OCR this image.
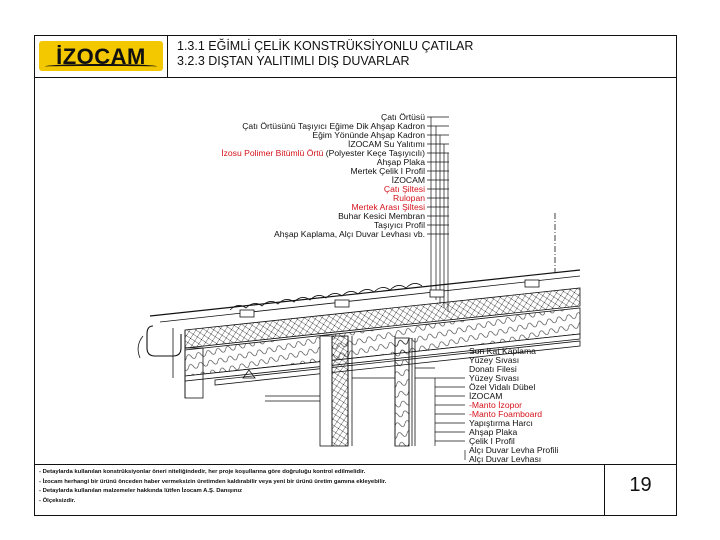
İZOCAM	1.3.1 EĞİMLİ ÇELİK KONSTRÜKSİYONLU ÇATILAR
3.2.3 DIŞTAN YALITIMLI DIŞ DUVARLAR
Çatı Örtüsü
Çatı Örtüsünü Taşıyıcı Eğime Dik Ahşap Kadron
Eğim Yönünde Ahşap Kadron
İZOCAM Su Yalıtımı
İzosu Polimer Bitümlü Örtü (Polyester Keçe Taşıyıcılı)
Ahşap Plaka
Mertek Çelik I Profil
İZOCAM
Çatı Şiltesi
Rulopan
Mertek Arası Şiltesi
Buhar Kesici Membran
Taşıyıcı Profil
Ahşap Kaplama, Alçı Duvar Levhası vb.
Son Kat Kaplama
Yüzey Sıvası
Donatı Filesi
Yüzey Sıvası
Özel Vidalı Dübel
İZOCAM
-Manto İzopor
-Manto Foamboard
Yapıştırma Harcı
Ahşap Plaka
Çelik I Profil
Alçı Duvar Levha Profili
Alçı Duvar Levhası
- Detaylarda kullanılan konstrüksiyonlar öneri niteliğindedir, her proje koşullarına göre doğruluğu kontrol edilmelidir.
- İzocam herhangi bir ürünü önceden haber vermeksizin üretimden kaldırabilir veya yeni bir ürünü üretim gamına ekleyebilir.
- Detaylarda kullanılan malzemeler hakkında lütfen İzocam A.Ş. Danışınız
- Ölçeksizdir.
19
